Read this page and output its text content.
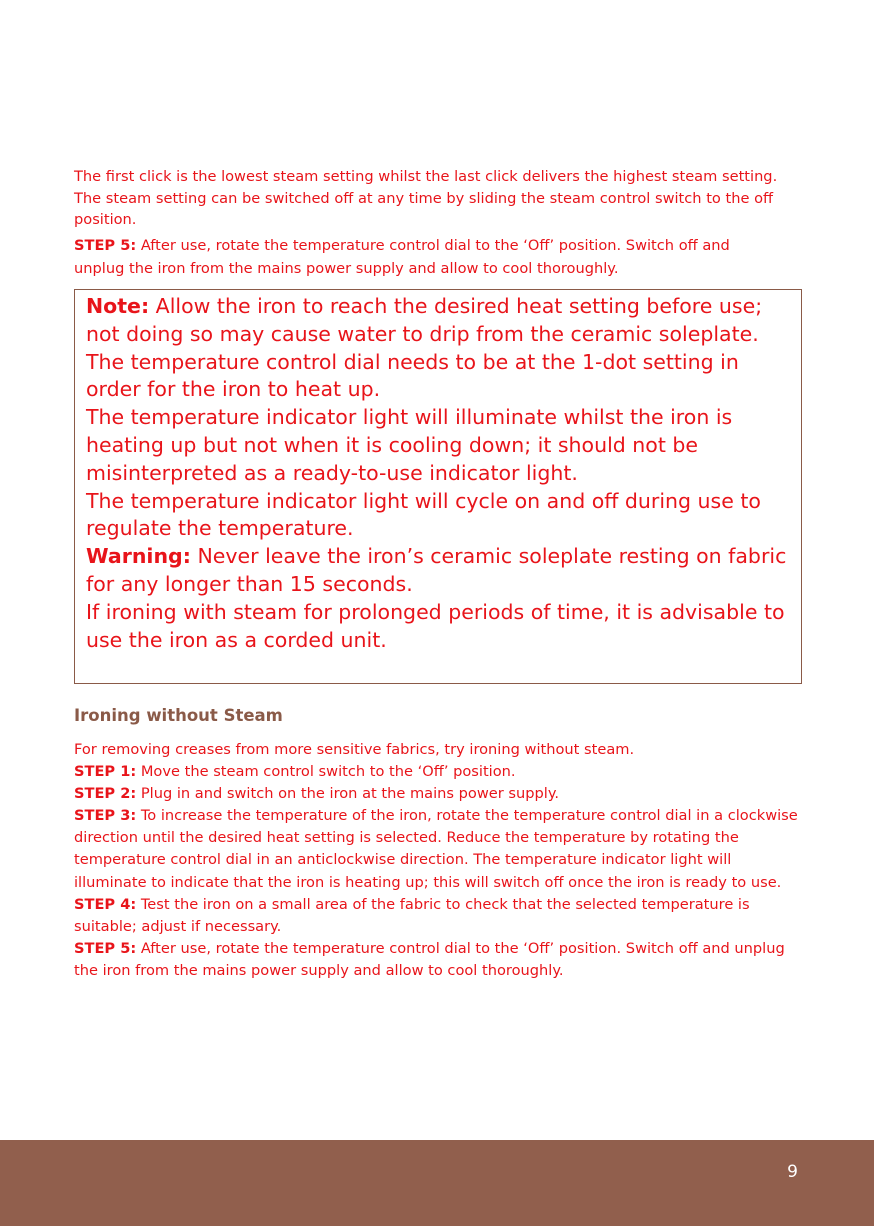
The first click is the lowest steam setting whilst the last click delivers the highest steam setting. The steam setting can be switched off at any time by sliding the steam control switch to the off position.

STEP 5: After use, rotate the temperature control dial to the ‘Off’ position. Switch off and

unplug the iron from the mains power supply and allow to cool thoroughly.

Note: Allow the iron to reach the desired heat setting before use; not doing so may cause water to drip from the ceramic soleplate.

The temperature control dial needs to be at the 1-dot setting in order for the iron to heat up.

The temperature indicator light will illuminate whilst the iron is heating up but not when it is cooling down; it should not be misinterpreted as a ready-to-use indicator light.

The temperature indicator light will cycle on and off during use to regulate the temperature.

Warning: Never leave the iron’s ceramic soleplate resting on fabric for any longer than 15 seconds.

If ironing with steam for prolonged periods of time, it is advisable to use the iron as a corded unit.

Ironing without Steam

For removing creases from more sensitive fabrics, try ironing without steam.

STEP 1: Move the steam control switch to the ‘Off’ position.

STEP 2: Plug in and switch on the iron at the mains power supply.

STEP 3: To increase the temperature of the iron, rotate the temperature control dial in a clockwise direction until the desired heat setting is selected. Reduce the temperature by rotating the temperature control dial in an anticlockwise direction. The temperature indicator light will illuminate to indicate that the iron is heating up; this will switch off once the iron is ready to use.

STEP 4: Test the iron on a small area of the fabric to check that the selected temperature is suitable; adjust if necessary.

STEP 5: After use, rotate the temperature control dial to the ‘Off’ position. Switch off and unplug the iron from the mains power supply and allow to cool thoroughly.

9
